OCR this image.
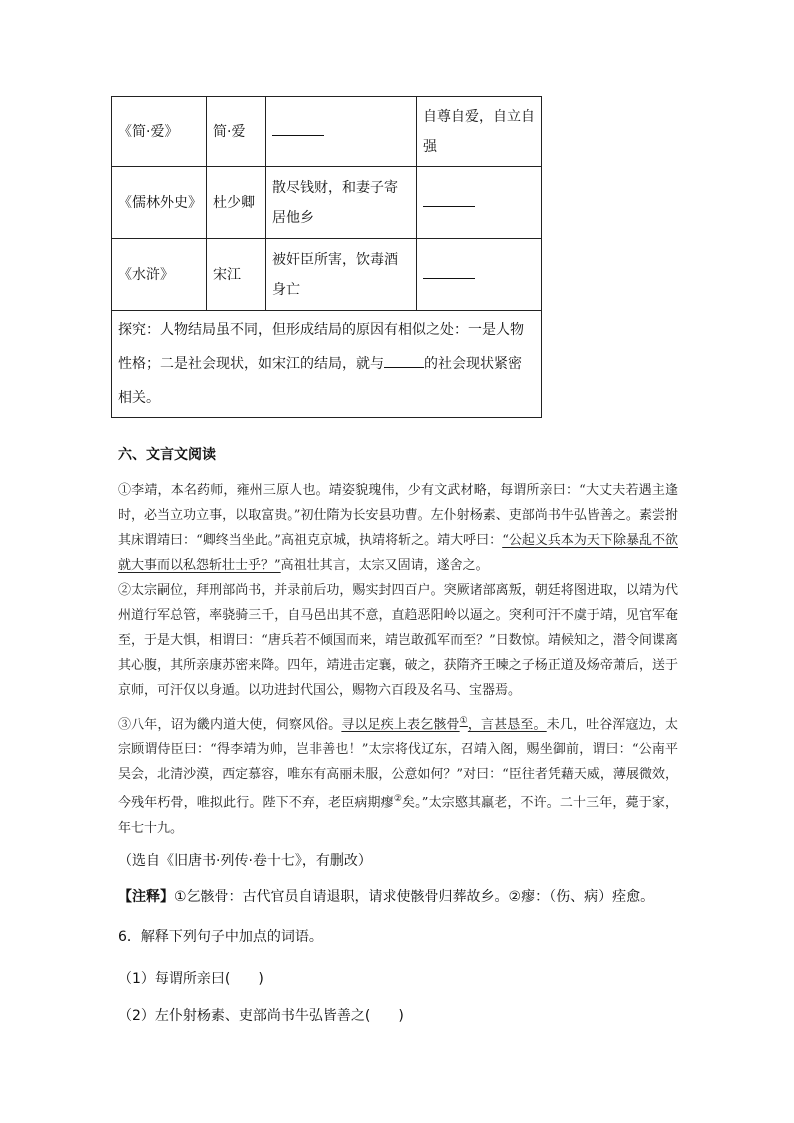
《简·爱》	简·爱		自尊自爱，自立自强
《儒林外史》	杜少卿	散尽钱财，和妻子寄居他乡	
《水浒》	宋江	被奸臣所害，饮毒酒身亡	
探究：人物结局虽不同，但形成结局的原因有相似之处：一是人物性格；二是社会现状，如宋江的结局，就与 的社会现状紧密相关。			
六、文言文阅读
①李靖，本名药师，雍州三原人也。靖姿貌瑰伟，少有文武材略，每谓所亲曰：“大丈夫若遇主逢时，必当立功立事，以取富贵。”初仕隋为长安县功曹。左仆射杨素、吏部尚书牛弘皆善之。素尝拊其床谓靖曰：“卿终当坐此。”高祖克京城，执靖将斩之。靖大呼曰：“公起义兵本为天下除暴乱不欲就大事而以私怨斩壮士乎？”高祖壮其言，太宗又固请，遂舍之。
②太宗嗣位，拜刑部尚书，并录前后功，赐实封四百户。突厥诸部离叛，朝廷将图进取，以靖为代州道行军总管，率骁骑三千，自马邑出其不意，直趋恶阳岭以逼之。突利可汗不虞于靖，见官军奄至，于是大惧，相谓曰：“唐兵若不倾国而来，靖岂敢孤军而至？”日数惊。靖候知之，潜令间谍离其心腹，其所亲康苏密来降。四年，靖进击定襄，破之，获隋齐王暕之子杨正道及炀帝萧后，送于京师，可汗仅以身遁。以功进封代国公，赐物六百段及名马、宝器焉。
③八年，诏为畿内道大使，伺察风俗。寻以足疾上表乞骸骨①，言甚恳至。未几，吐谷浑寇边，太宗顾谓侍臣曰：“得李靖为帅，岂非善也！”太宗将伐辽东，召靖入阁，赐坐御前，谓曰：“公南平吴会，北清沙漠，西定慕容，唯东有高丽未服，公意如何？”对曰：“臣往者凭藉天威，薄展微效，今残年朽骨，唯拟此行。陛下不弃，老臣病期瘳②矣。”太宗愍其羸老，不许。二十三年，薨于家，年七十九。
（选自《旧唐书·列传·卷十七》，有删改）
【注释】①乞骸骨：古代官员自请退职，请求使骸骨归葬故乡。②瘳：（伤、病）痊愈。
6．解释下列句子中加点的词语。
（1）每谓所亲曰(　　)
（2）左仆射杨素、吏部尚书牛弘皆善之(　　)
